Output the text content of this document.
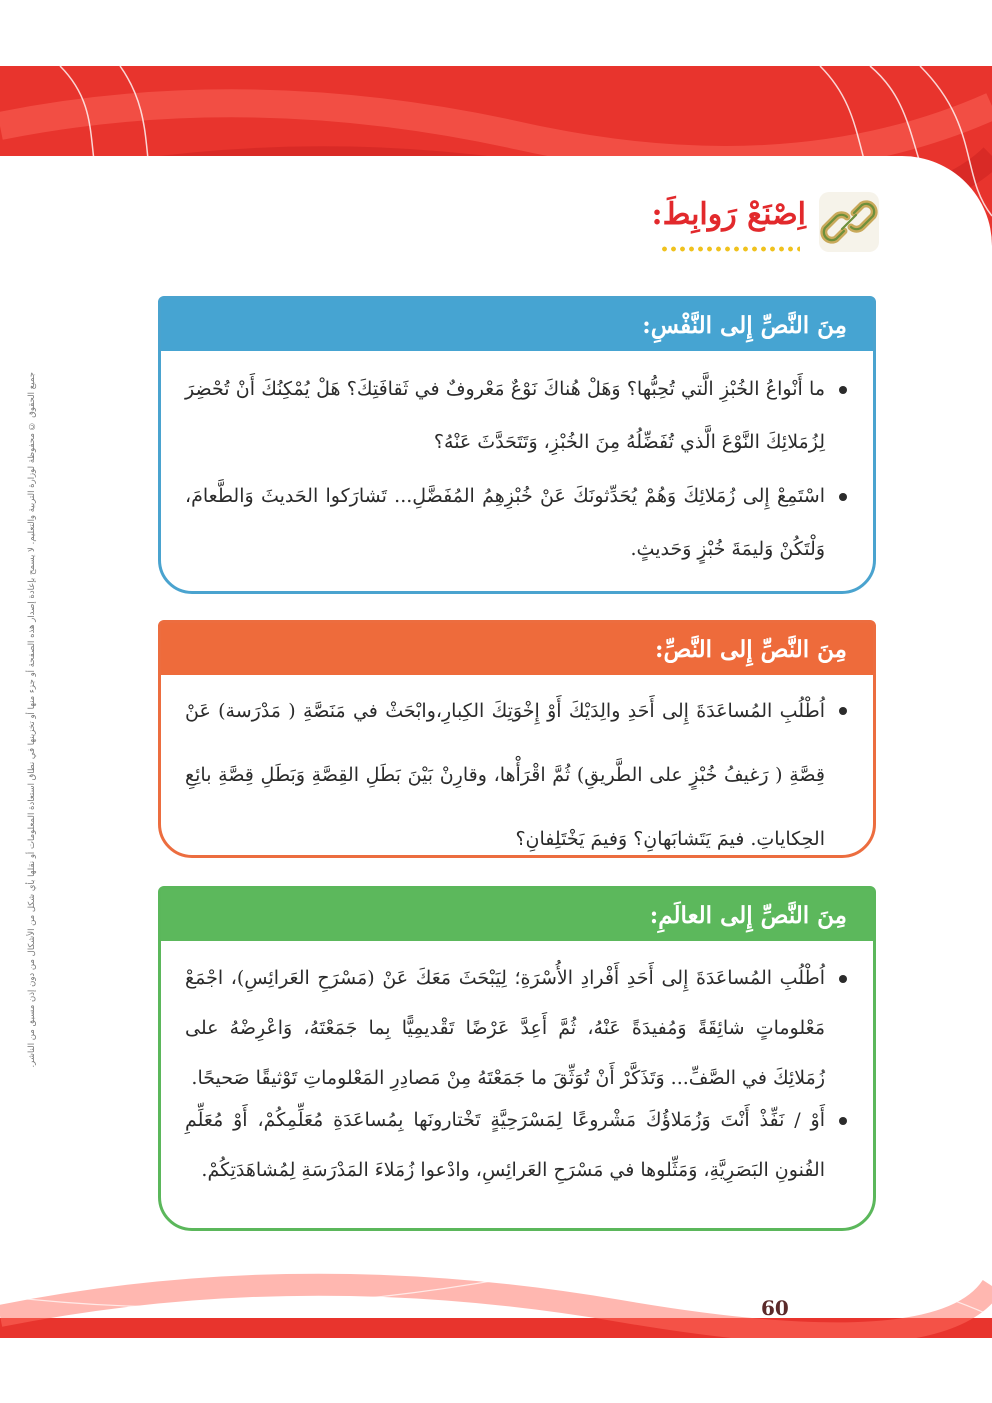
جميع الحقوق © محفوظة لوزارة التربية والتعليم. لا يسمح بإعادة إصدار هذه الصفحة أو جزء منها أو تخزينها في نطاق استعادة المعلومات أو نقلها بأي شكل من الأشكال من دون إذن مسبق من الناشر.
اِصْنَعْ رَوابِطَ:
مِنَ النَّصِّ إِلى النَّفْسِ:
ما أَنْواعُ الخُبْزِ الَّتي تُحِبُّها؟ وَهَلْ هُناكَ نَوْعٌ مَعْروفٌ في ثَقافَتِكَ؟ هَلْ يُمْكِنُكَ أَنْ تُحْضِرَ لِزُمَلائِكَ النَّوْعَ الَّذي تُفَضِّلُهُ مِنَ الخُبْزِ، وَتَتَحَدَّثَ عَنْهُ؟
اسْتَمِعْ إِلى زُمَلائِكَ وَهُمْ يُحَدِّثونَكَ عَنْ خُبْزِهِمُ المُفَضَّلِ... تَشارَكوا الحَديثَ وَالطَّعامَ، وَلْتَكُنْ وَليمَةَ خُبْزٍ وَحَديثٍ.
مِنَ النَّصِّ إِلى النَّصِّ:
اُطْلُبِ المُساعَدَةَ إِلى أَحَدِ والِدَيْكَ أَوْ إِخْوَتِكَ الكِبارِ،وابْحَثْ في مَنَصَّةِ ( مَدْرَسة) عَنْ قِصَّةِ ( رَغيفُ خُبْزٍ على الطَّريقِ) ثُمَّ اقْرَأْها، وقارِنْ بَيْنَ بَطَلِ القِصَّةِ وَبَطَلِ قِصَّةِ بائِعِ الحِكاياتِ. فيمَ يَتَشابَهانِ؟ وَفيمَ يَخْتَلِفانِ؟
مِنَ النَّصِّ إِلى العالَمِ:
اُطْلُبِ المُساعَدَةَ إِلى أَحَدِ أَفْرادِ الأُسْرَةِ؛ لِيَبْحَثَ مَعَكَ عَنْ (مَسْرَحِ العَرائِسِ)، اجْمَعْ مَعْلوماتٍ شائِقَةً وَمُفيدَةً عَنْهُ، ثُمَّ أَعِدَّ عَرْضًا تَقْديمِيًّا بِما جَمَعْتَهُ، وَاعْرِضْهُ على زُمَلائِكَ في الصَّفِّ... وَتَذَكَّرْ أَنْ تُوَثِّقَ ما جَمَعْتَهُ مِنْ مَصادِرِ المَعْلوماتِ تَوْثيقًا صَحيحًا.
أَوْ / نَفِّذْ أَنْتَ وَزُمَلاؤُكَ مَشْروعًا لِمَسْرَحِيَّةٍ تَخْتارونَها بِمُساعَدَةِ مُعَلِّمِكُمْ، أَوْ مُعَلِّمِ الفُنونِ البَصَرِيَّةِ، وَمَثِّلوها في مَسْرَحِ العَرائِسِ، وادْعوا زُمَلاءَ المَدْرَسَةِ لِمُشاهَدَتِكُمْ.
60
